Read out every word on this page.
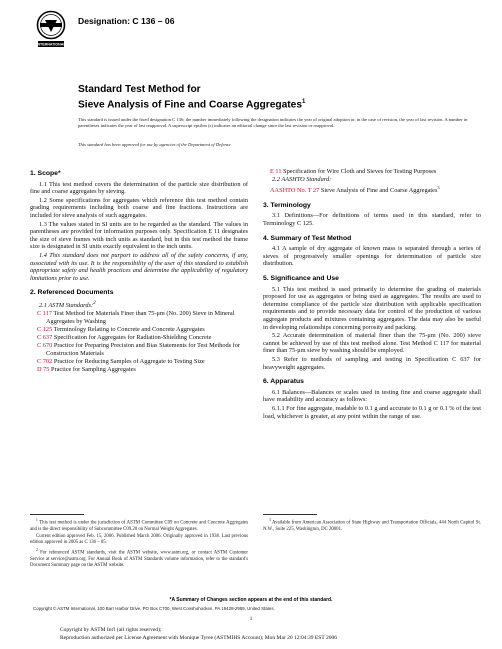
INTERNATIONAL
Designation: C 136 – 06
Standard Test Method for
Sieve Analysis of Fine and Coarse Aggregates$^1$
This standard is issued under the fixed designation C 136; the number immediately following the designation indicates the year of original adoption or, in the case of revision, the year of last revision. A number in parentheses indicates the year of last reapproval. A superscript epsilon (ε) indicates an editorial change since the last revision or reapproval.
This standard has been approved for use by agencies of the Department of Defense.
1. Scope*

1.1 This test method covers the determination of the particle size distribution of fine and coarse aggregates by sieving.

1.2 Some specifications for aggregates which reference this test method contain grading requirements including both coarse and fine fractions. Instructions are included for sieve analysis of such aggregates.

1.3 The values stated in SI units are to be regarded as the standard. The values in parentheses are provided for information purposes only. Specification E 11 designates the size of sieve frames with inch units as standard, but in this test method the frame size is designated in SI units exactly equivalent to the inch units.

1.4 This standard does not purport to address all of the safety concerns, if any, associated with its use. It is the responsibility of the user of this standard to establish appropriate safety and health practices and determine the applicability of regulatory limitations prior to use.

2. Referenced Documents
2.1 ASTM Standards:$^2$
C 117 Test Method for Materials Finer than 75-μm (No. 200) Sieve in Mineral Aggregates by Washing
C 125 Terminology Relating to Concrete and Concrete Aggregates
C 637 Specification for Aggregates for Radiation-Shielding Concrete
C 670 Practice for Preparing Precision and Bias Statements for Test Methods for Construction Materials
C 702 Practice for Reducing Samples of Aggregate to Testing Size
D 75 Practice for Sampling Aggregates

$^1$ This test method is under the jurisdiction of ASTM Committee C09 on Concrete and Concrete Aggregates and is the direct responsibility of Subcommittee C09.20 on Normal Weight Aggregates.

Current edition approved Feb. 15, 2006. Published March 2006. Originally approved in 1938. Last previous edition approved in 2005 as C 136 – 05.

$^2$ For referenced ASTM standards, visit the ASTM website, www.astm.org, or contact ASTM Customer Service at service@astm.org. For Annual Book of ASTM Standards volume information, refer to the standard's Document Summary page on the ASTM website.

E 11 Specification for Wire Cloth and Sieves for Testing Purposes
2.2 AASHTO Standard:
AASHTO No. T 27 Sieve Analysis of Fine and Coarse Aggregates$^3$
3. Terminology

3.1 Definitions—For definitions of terms used in this standard, refer to Terminology C 125.

4. Summary of Test Method

4.1 A sample of dry aggregate of known mass is separated through a series of sieves of progressively smaller openings for determination of particle size distribution.

5. Significance and Use

5.1 This test method is used primarily to determine the grading of materials proposed for use as aggregates or being used as aggregates. The results are used to determine compliance of the particle size distribution with applicable specification requirements and to provide necessary data for control of the production of various aggregate products and mixtures containing aggregates. The data may also be useful in developing relationships concerning porosity and packing.

5.2 Accurate determination of material finer than the 75-μm (No. 200) sieve cannot be achieved by use of this test method alone. Test Method C 117 for material finer than 75-μm sieve by washing should be employed.

5.3 Refer to methods of sampling and testing in Specification C 637 for heavyweight aggregates.

6. Apparatus

6.1 Balances—Balances or scales used in testing fine and coarse aggregate shall have readability and accuracy as follows:

6.1.1 For fine aggregate, readable to 0.1 g and accurate to 0.1 g or 0.1 % of the test load, whichever is greater, at any point within the range of use.

$^3$ Available from American Association of State Highway and Transportation Officials, 444 North Capitol St. N.W., Suite 225, Washington, DC 20001.

*A Summary of Changes section appears at the end of this standard.
Copyright © ASTM International, 100 Barr Harbor Drive, PO Box C700, West Conshohocken, PA 19428-2959, United States.
1
Copyright by ASTM Int'l (all rights reserved);
Reproduction authorized per License Agreement with Monique Tyree (ASTMIHS Account); Mon Mar 20 12:04:39 EST 2006
